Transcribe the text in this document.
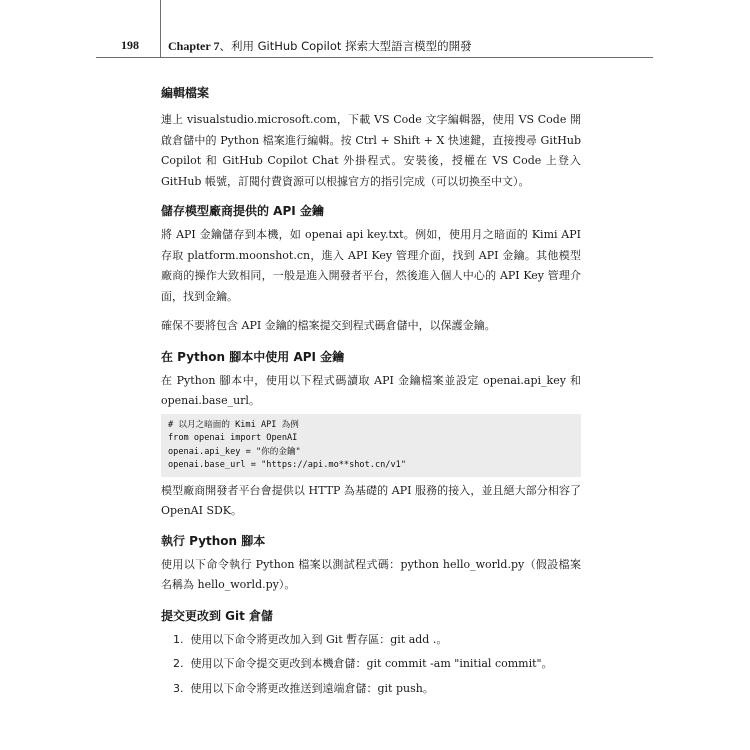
198 Chapter 7、利用 GitHub Copilot 探索大型語言模型的開發
編輯檔案

連上 visualstudio.microsoft.com，下載 VS Code 文字編輯器，使用 VS Code 開啟倉儲中的 Python 檔案進行編輯。按 Ctrl + Shift + X 快速鍵，直接搜尋 GitHub Copilot 和 GitHub Copilot Chat 外掛程式。安裝後，授權在 VS Code 上登入 GitHub 帳號，訂閱付費資源可以根據官方的指引完成（可以切換至中文）。

儲存模型廠商提供的 API 金鑰

將 API 金鑰儲存到本機，如 openai api key.txt。例如，使用月之暗面的 Kimi API 存取 platform.moonshot.cn，進入 API Key 管理介面，找到 API 金鑰。其他模型廠商的操作大致相同，一般是進入開發者平台，然後進入個人中心的 API Key 管理介面，找到金鑰。

確保不要將包含 API 金鑰的檔案提交到程式碼倉儲中，以保護金鑰。

在 Python 腳本中使用 API 金鑰

在 Python 腳本中，使用以下程式碼讀取 API 金鑰檔案並設定 openai.api_key 和 openai.base_url。

# 以月之暗面的 Kimi API 為例
from openai import OpenAI
openai.api_key = "你的金鑰"
openai.base_url = "https://api.mo**shot.cn/v1"

模型廠商開發者平台會提供以 HTTP 為基礎的 API 服務的接入，並且絕大部分相容了 OpenAI SDK。

執行 Python 腳本

使用以下命令執行 Python 檔案以測試程式碼：python hello_world.py（假設檔案名稱為 hello_world.py）。

提交更改到 Git 倉儲
1. 使用以下命令將更改加入到 Git 暫存區：git add .。
2. 使用以下命令提交更改到本機倉儲：git commit -am "initial commit"。
3. 使用以下命令將更改推送到遠端倉儲：git push。
